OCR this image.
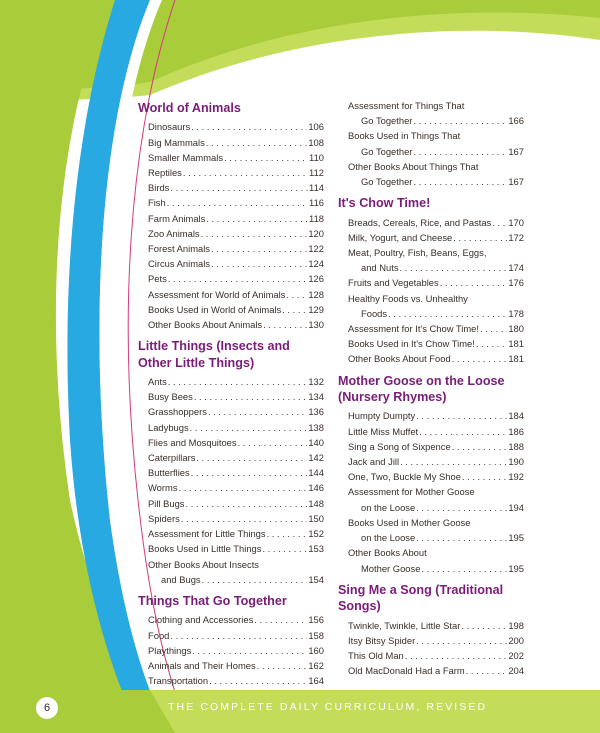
World of Animals
Dinosaurs . . .	106
Big Mammals . . .	108
Smaller Mammals . . .	110
Reptiles . . .	112
Birds . . .	114
Fish . . .	116
Farm Animals . . .	118
Zoo Animals . . .	120
Forest Animals . . .	122
Circus Animals . . .	124
Pets . . .	126
Assessment for World of Animals . . . 128
Books Used in World of Animals . . .	129
Other Books About Animals . . .	130
Little Things (Insects and Other Little Things)
Ants . . .	132
Busy Bees . . .	134
Grasshoppers . . .	136
Ladybugs . . .	138
Flies and Mosquitoes . . .	140
Caterpillars . . .	142
Butterflies . . .	144
Worms . . .	146
Pill Bugs . . .	148
Spiders . . .	150
Assessment for Little Things . . .	152
Books Used in Little Things . . .	153
Other Books About Insects
and Bugs . . .	154
Things That Go Together
Clothing and Accessories . . .	156
Food . . .	158
Playthings . . .	160
Animals and Their Homes . . .	162
Transportation . . .	164
Assessment for Things That
Go Together . . .	166
Books Used in Things That
Go Together . . .	167
Other Books About Things That
Go Together . . .	167
It's Chow Time!
Breads, Cereals, Rice, and Pastas . . . 170
Milk, Yogurt, and Cheese . . .	172
Meat, Poultry, Fish, Beans, Eggs,
and Nuts . . .	174
Fruits and Vegetables . . .	176
Healthy Foods vs. Unhealthy
Foods . . .	178
Assessment for It's Chow Time! . . .	180
Books Used in It's Chow Time! . . .	181
Other Books About Food . . .	181
Mother Goose on the Loose (Nursery Rhymes)
Humpty Dumpty . . .	184
Little Miss Muffet . . .	186
Sing a Song of Sixpence . . .	188
Jack and Jill . . .	190
One, Two, Buckle My Shoe . . .	192
Assessment for Mother Goose
on the Loose . . .	194
Books Used in Mother Goose
on the Loose . . .	195
Other Books About
Mother Goose . . .	195
Sing Me a Song (Traditional Songs)
Twinkle, Twinkle, Little Star . . .	198
Itsy Bitsy Spider . . .	200
This Old Man . . .	202
Old MacDonald Had a Farm . . .	204
6	THE COMPLETE DAILY CURRICULUM, REVISED
